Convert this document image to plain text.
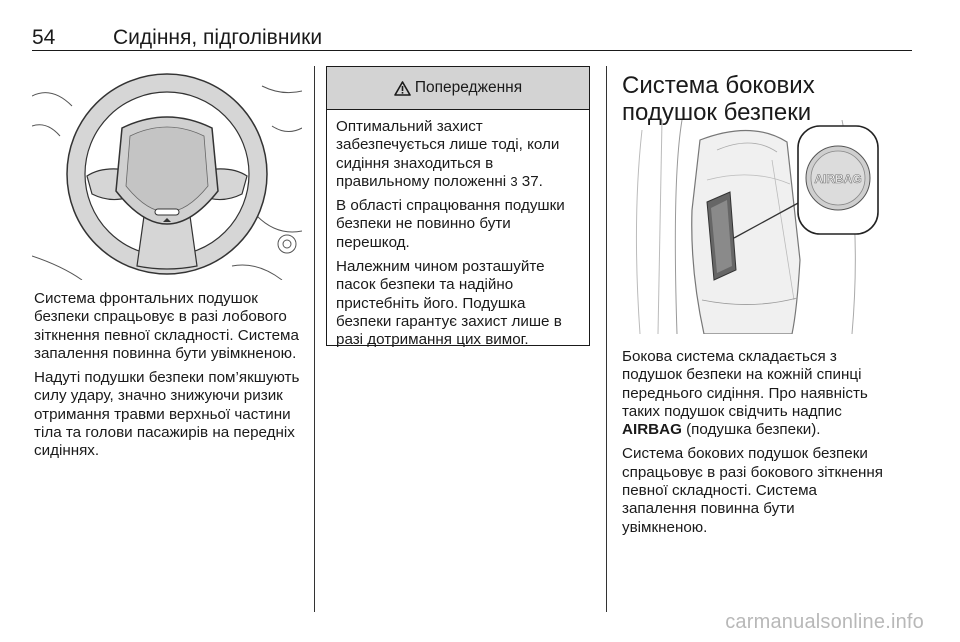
54	Сидіння, підголівники

Система фронтальних подушок безпеки спрацьовує в разі лобового зіткнення певної складності. Система запалення повинна бути увімкненою.

Надуті подушки безпеки пом’якшують силу удару, значно знижуючи ризик отримання травми верхньої частини тіла та голови пасажирів на передніх сидіннях.

Попередження

Оптимальний захист забезпечується лише тоді, коли сидіння знаходиться в правильному положенні 3 37.

В області спрацювання подушки безпеки не повинно бути перешкод.

Належним чином розташуйте пасок безпеки та надійно пристебніть його. Подушка безпеки гарантує захист лише в разі дотримання цих вимог.

Система бокових подушок безпеки
AIRBAG

Бокова система складається з подушок безпеки на кожній спинці переднього сидіння. Про наявність таких подушок свідчить надпис AIRBAG (подушка безпеки).

Система бокових подушок безпеки спрацьовує в разі бокового зіткнення певної складності. Система запалення повинна бути увімкненою.

carmanualsonline.info
